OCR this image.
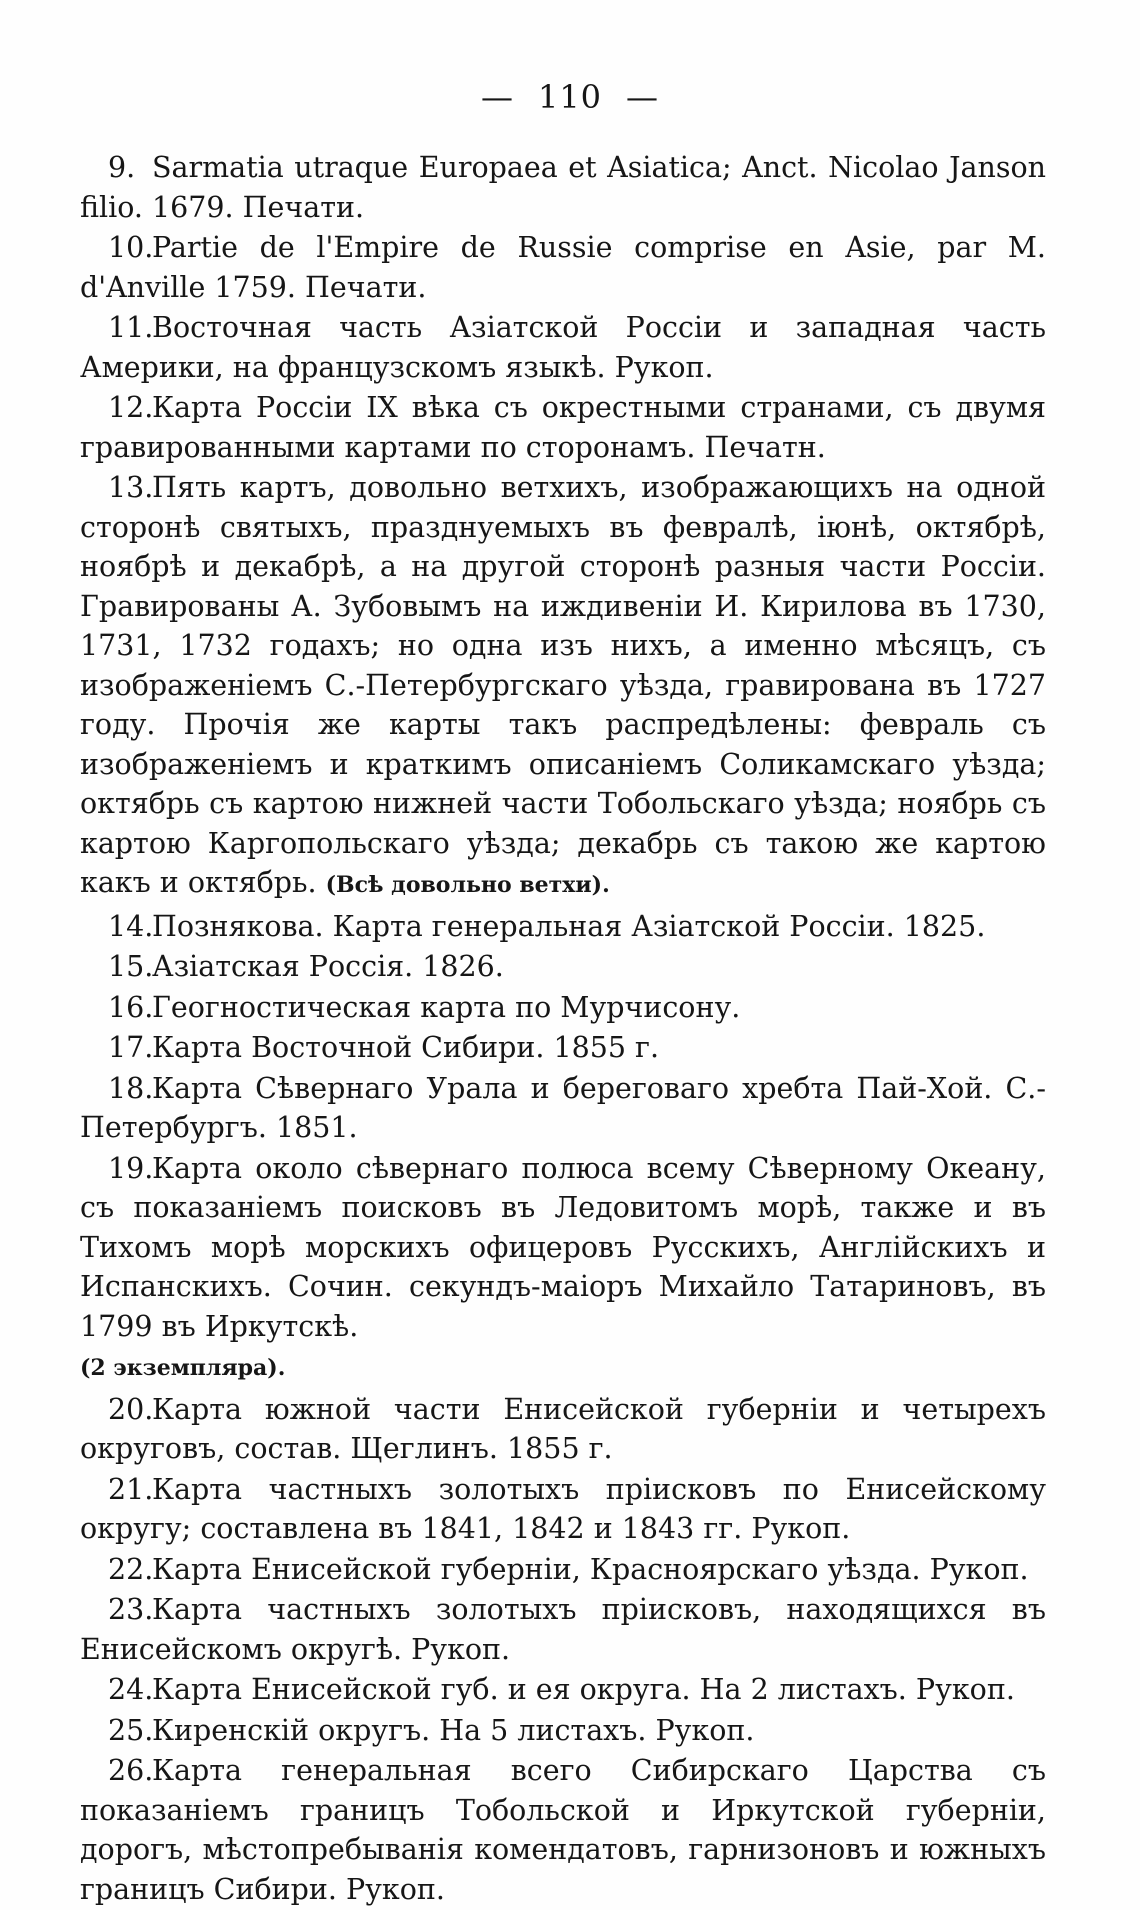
— 110 —

9. Sarmatia utraque Europaea et Asiatica; Anct. Nicolao Janson filio. 1679. Печати.

10.Partie de l'Empire de Russie comprise en Asie, par M. d'Anville 1759. Печати.

11.Восточная часть Азіатской Россіи и западная часть Америки, на французскомъ языкѣ. Рукоп.

12.Карта Россіи IX вѣка съ окрестными странами, съ двумя гравированными картами по сторонамъ. Печатн.

13.Пять картъ, довольно ветхихъ, изображающихъ на одной сторонѣ святыхъ, празднуемыхъ въ февралѣ, іюнѣ, октябрѣ, ноябрѣ и декабрѣ, а на другой сторонѣ разныя части Россіи. Гравированы А. Зубовымъ на иждивеніи И. Кирилова въ 1730, 1731, 1732 годахъ; но одна изъ нихъ, а именно мѣсяцъ, съ изображеніемъ С.-Петербургскаго уѣзда, гравирована въ 1727 году. Прочія же карты такъ распредѣлены: февраль съ изображеніемъ и краткимъ описаніемъ Соликамскаго уѣзда; октябрь съ картою нижней части Тобольскаго уѣзда; ноябрь съ картою Каргопольскаго уѣзда; декабрь съ такою же картою какъ и октябрь. (Всѣ довольно ветхи).

14.Познякова. Карта генеральная Азіатской Россіи. 1825.

15.Азіатская Россія. 1826.

16.Геогностическая карта по Мурчисону.

17.Карта Восточной Сибири. 1855 г.

18.Карта Сѣвернаго Урала и береговаго хребта Пай-Хой. С.-Петербургъ. 1851.

19.Карта около сѣвернаго полюса всему Сѣверному Океану, съ показаніемъ поисковъ въ Ледовитомъ морѣ, также и въ Тихомъ морѣ морскихъ офицеровъ Русскихъ, Англійскихъ и Испанскихъ. Сочин. секундъ-маіоръ Михайло Татариновъ, въ 1799 въ Иркутскѣ.
(2 экземпляра).

20.Карта южной части Енисейской губерніи и четырехъ округовъ, состав. Щеглинъ. 1855 г.

21.Карта частныхъ золотыхъ пріисковъ по Енисейскому округу; составлена въ 1841, 1842 и 1843 гг. Рукоп.

22.Карта Енисейской губерніи, Красноярскаго уѣзда. Рукоп.

23.Карта частныхъ золотыхъ пріисковъ, находящихся въ Енисейскомъ округѣ. Рукоп.

24.Карта Енисейской губ. и ея округа. На 2 листахъ. Рукоп.

25.Киренскій округъ. На 5 листахъ. Рукоп.

26.Карта генеральная всего Сибирскаго Царства съ показаніемъ границъ Тобольской и Иркутской губерніи, дорогъ, мѣстопребыванія комендатовъ, гарнизоновъ и южныхъ границъ Сибири. Рукоп.
